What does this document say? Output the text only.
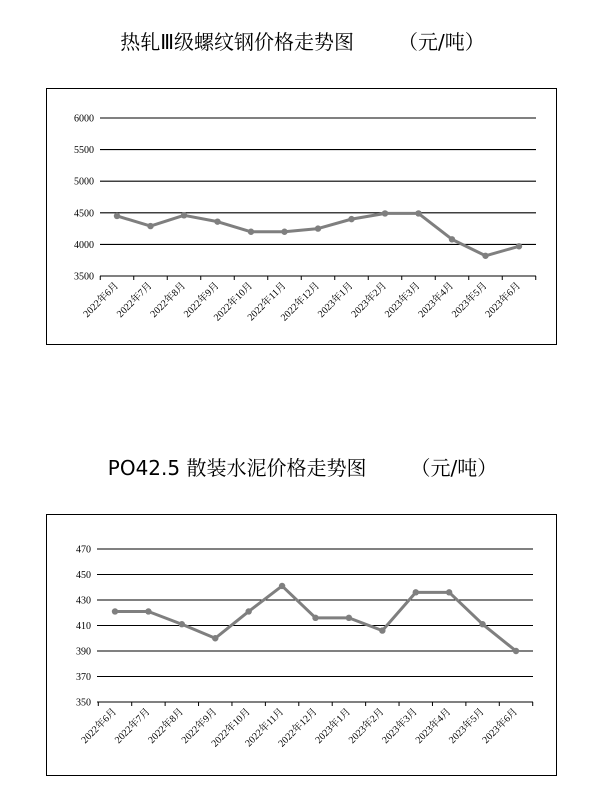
热轧Ⅲ级螺纹钢价格走势图 （元/吨）
PO42.5 散装水泥价格走势图 （元/吨）
3500
4000
4500
5000
5500
6000
2022年6月
2022年7月
2022年8月
2022年9月
2022年10月
2022年11月
2022年12月
2023年1月
2023年2月
2023年3月
2023年4月
2023年5月
2023年6月
350
370
390
410
430
450
470
2022年6月
2022年7月
2022年8月
2022年9月
2022年10月
2022年11月
2022年12月
2023年1月
2023年2月
2023年3月
2023年4月
2023年5月
2023年6月
